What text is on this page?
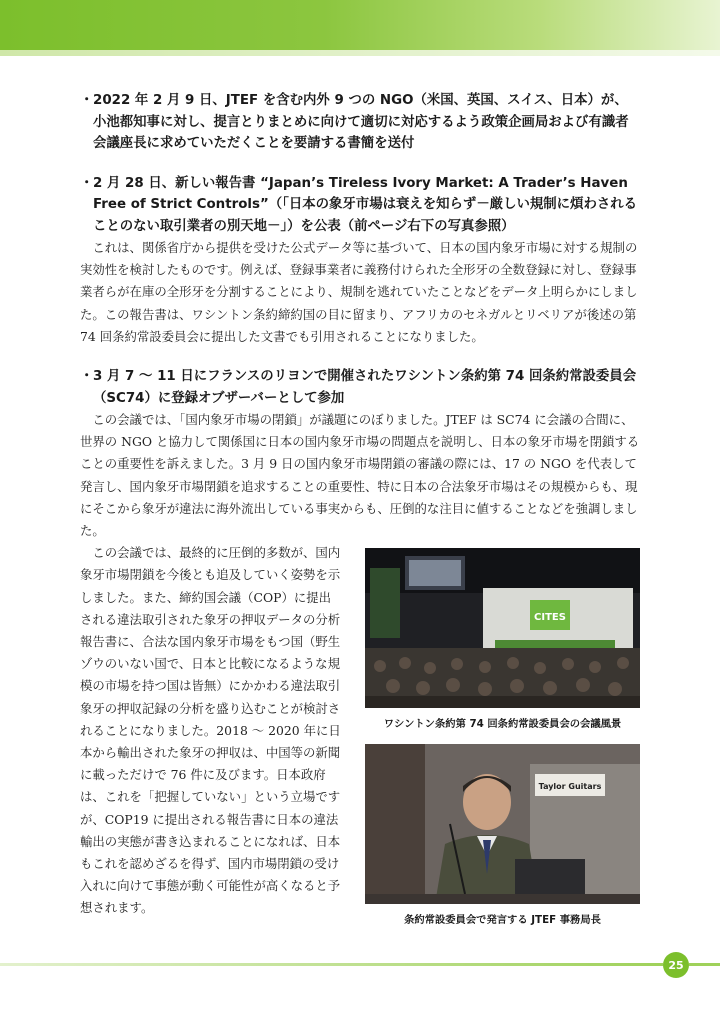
・2022 年 2 月 9 日、JTEF を含む内外 9 つの NGO（米国、英国、スイス、日本）が、小池都知事に対し、提言とりまとめに向けて適切に対応するよう政策企画局および有識者会議座長に求めていただくことを要請する書簡を送付

・2 月 28 日、新しい報告書 “Japan’s Tireless Ivory Market: A Trader’s Haven Free of Strict Controls”（「日本の象牙市場は衰えを知らず－厳しい規制に煩わされることのない取引業者の別天地－」）を公表（前ページ右下の写真参照）

これは、関係省庁から提供を受けた公式データ等に基づいて、日本の国内象牙市場に対する規制の実効性を検討したものです。例えば、登録事業者に義務付けられた全形牙の全数登録に対し、登録事業者らが在庫の全形牙を分割することにより、規制を逃れていたことなどをデータ上明らかにしました。この報告書は、ワシントン条約締約国の目に留まり、アフリカのセネガルとリベリアが後述の第 74 回条約常設委員会に提出した文書でも引用されることになりました。

・3 月 7 ～ 11 日にフランスのリヨンで開催されたワシントン条約第 74 回条約常設委員会（SC74）に登録オブザーバーとして参加

この会議では、「国内象牙市場の閉鎖」が議題にのぼりました。JTEF は SC74 に会議の合間に、世界の NGO と協力して関係国に日本の国内象牙市場の問題点を説明し、日本の象牙市場を閉鎖することの重要性を訴えました。3 月 9 日の国内象牙市場閉鎖の審議の際には、17 の NGO を代表して発言し、国内象牙市場閉鎖を追求することの重要性、特に日本の合法象牙市場はその規模からも、現にそこから象牙が違法に海外流出している事実からも、圧倒的な注目に値することなどを強調しました。

この会議では、最終的に圧倒的多数が、国内象牙市場閉鎖を今後とも追及していく姿勢を示しました。また、締約国会議（COP）に提出される違法取引された象牙の押収データの分析報告書に、合法な国内象牙市場をもつ国（野生ゾウのいない国で、日本と比較になるような規模の市場を持つ国は皆無）にかかわる違法取引象牙の押収記録の分析を盛り込むことが検討されることになりました。2018 ～ 2020 年に日本から輸出された象牙の押収は、中国等の新聞に載っただけで 76 件に及びます。日本政府は、これを「把握していない」という立場ですが、COP19 に提出される報告書に日本の違法輸出の実態が書き込まれることになれば、日本もこれを認めざるを得ず、国内市場閉鎖の受け入れに向けて事態が動く可能性が高くなると予想されます。

CITES

ワシントン条約第 74 回条約常設委員会の会議風景

Taylor Guitars

条約常設委員会で発言する JTEF 事務局長

25
